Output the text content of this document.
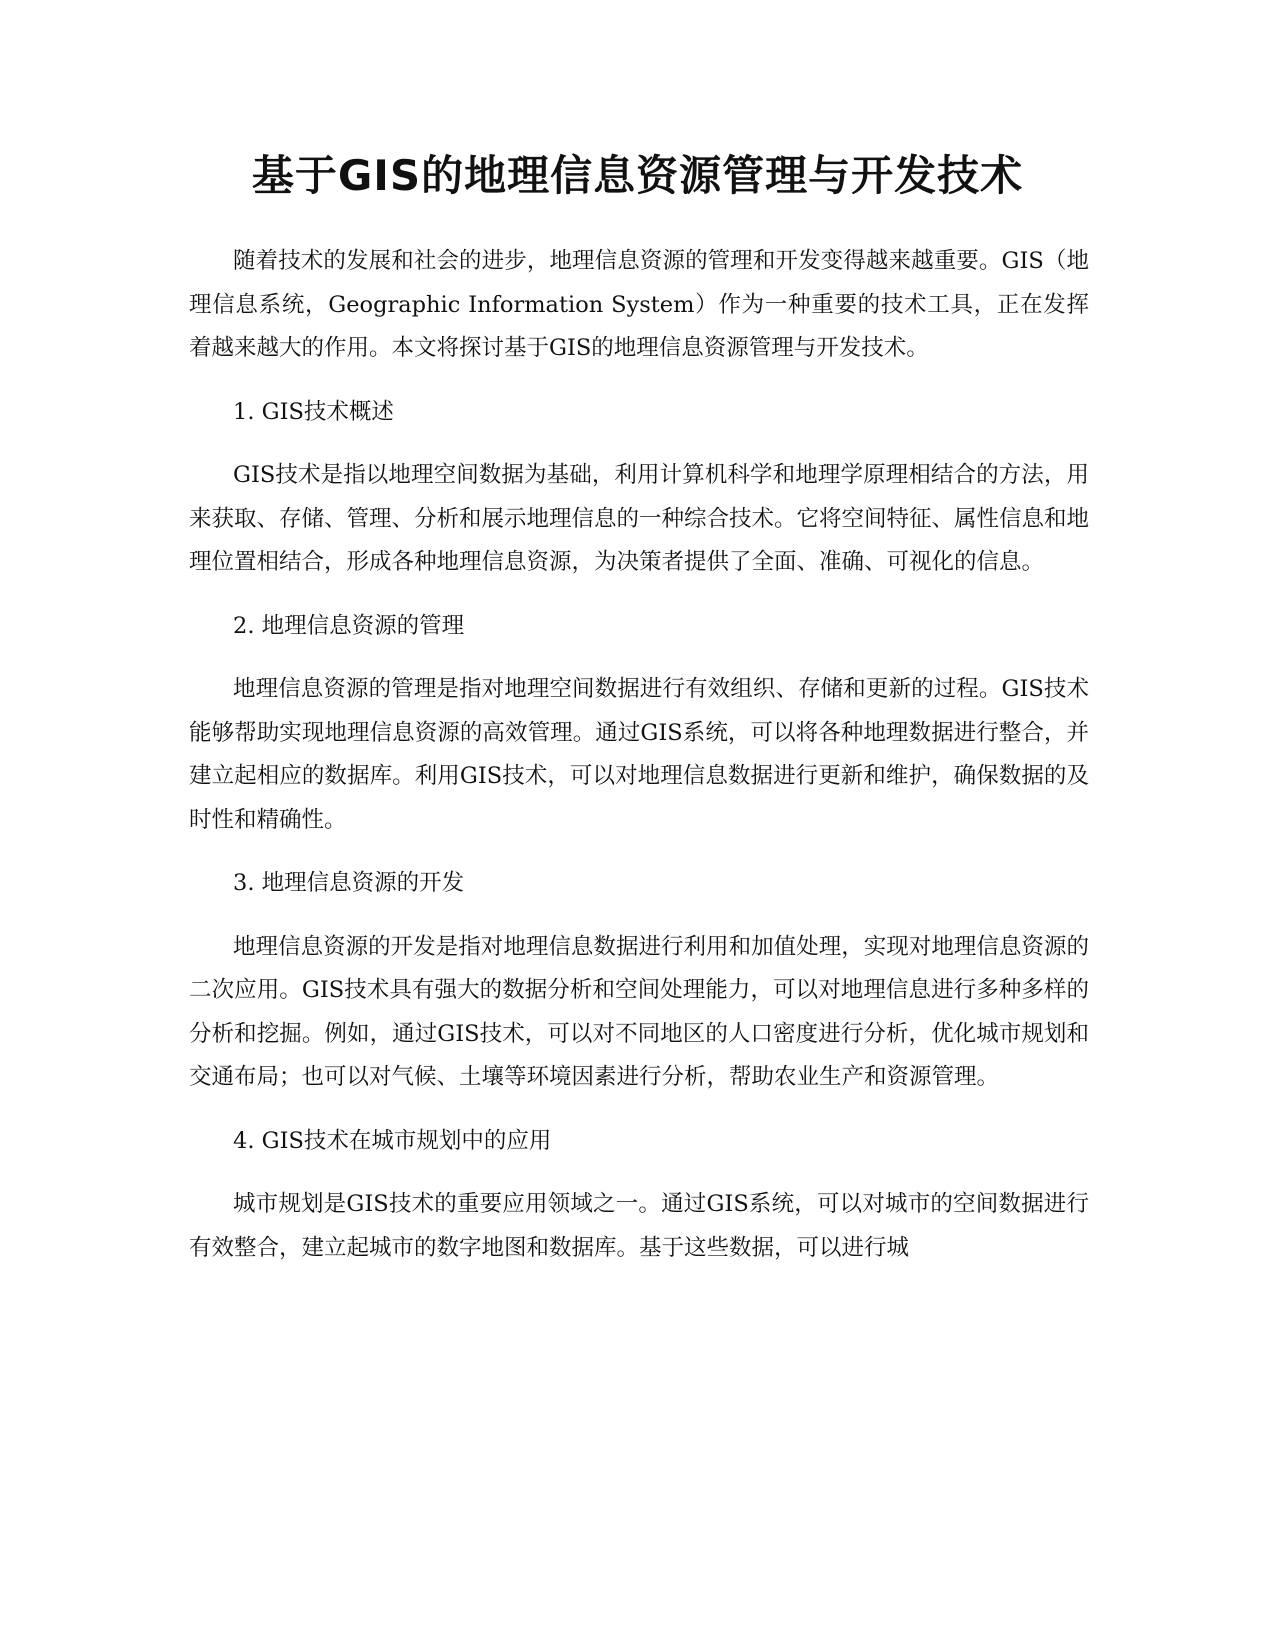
基于GIS的地理信息资源管理与开发技术

随着技术的发展和社会的进步，地理信息资源的管理和开发变得越来越重要。GIS（地理信息系统，Geographic Information System）作为一种重要的技术工具，正在发挥着越来越大的作用。本文将探讨基于GIS的地理信息资源管理与开发技术。

1. GIS技术概述

GIS技术是指以地理空间数据为基础，利用计算机科学和地理学原理相结合的方法，用来获取、存储、管理、分析和展示地理信息的一种综合技术。它将空间特征、属性信息和地理位置相结合，形成各种地理信息资源，为决策者提供了全面、准确、可视化的信息。

2. 地理信息资源的管理

地理信息资源的管理是指对地理空间数据进行有效组织、存储和更新的过程。GIS技术能够帮助实现地理信息资源的高效管理。通过GIS系统，可以将各种地理数据进行整合，并建立起相应的数据库。利用GIS技术，可以对地理信息数据进行更新和维护，确保数据的及时性和精确性。

3. 地理信息资源的开发

地理信息资源的开发是指对地理信息数据进行利用和加值处理，实现对地理信息资源的二次应用。GIS技术具有强大的数据分析和空间处理能力，可以对地理信息进行多种多样的分析和挖掘。例如，通过GIS技术，可以对不同地区的人口密度进行分析，优化城市规划和交通布局；也可以对气候、土壤等环境因素进行分析，帮助农业生产和资源管理。

4. GIS技术在城市规划中的应用

城市规划是GIS技术的重要应用领域之一。通过GIS系统，可以对城市的空间数据进行有效整合，建立起城市的数字地图和数据库。基于这些数据，可以进行城
